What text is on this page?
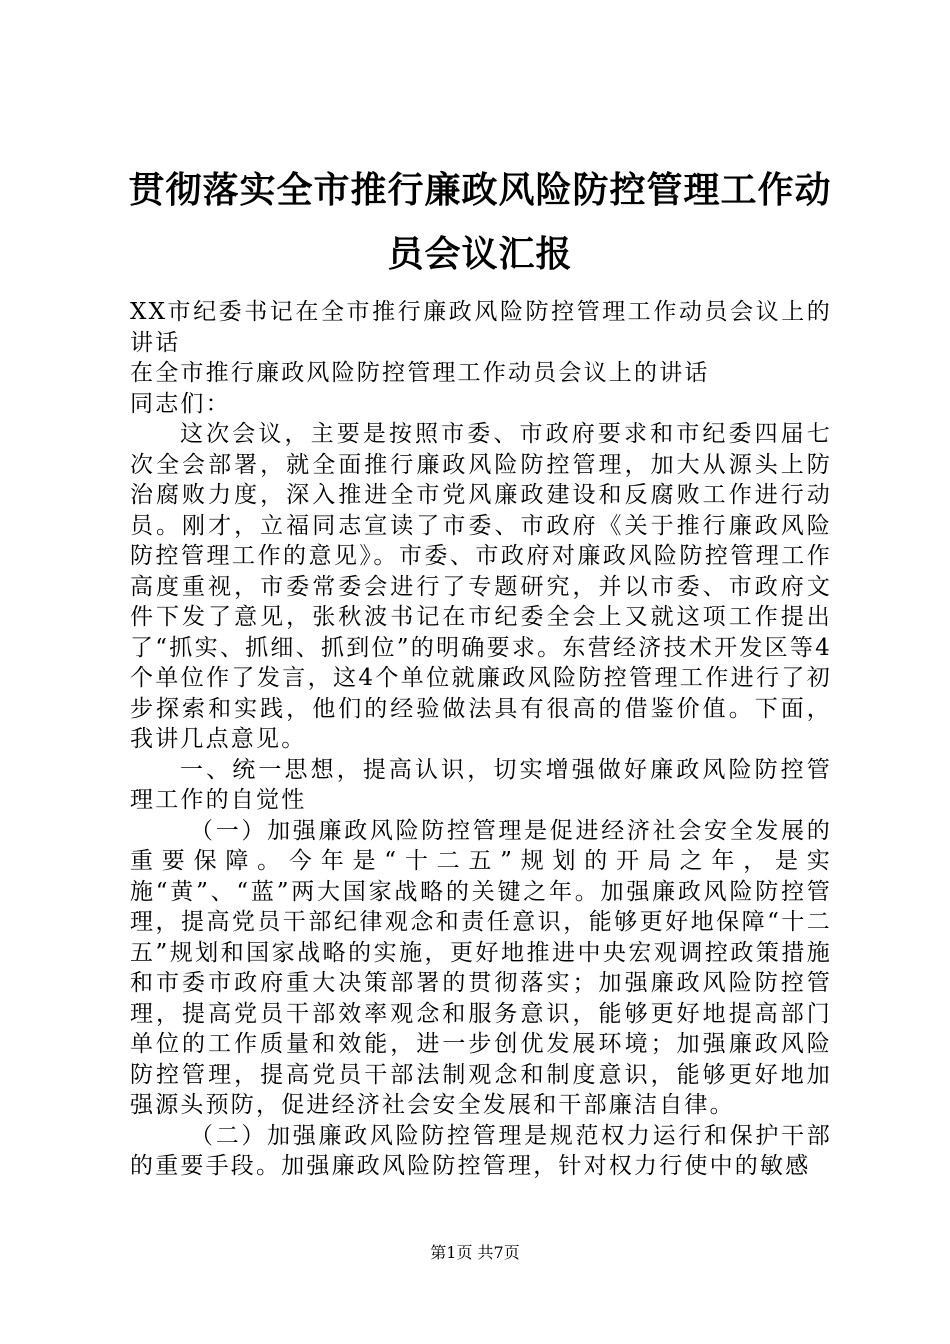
贯彻落实全市推行廉政风险防控管理工作动员会议汇报

XX市纪委书记在全市推行廉政风险防控管理工作动员会议上的讲话

在全市推行廉政风险防控管理工作动员会议上的讲话

同志们：

这次会议，主要是按照市委、市政府要求和市纪委四届七次全会部署，就全面推行廉政风险防控管理，加大从源头上防治腐败力度，深入推进全市党风廉政建设和反腐败工作进行动员。刚才，立福同志宣读了市委、市政府《关于推行廉政风险防控管理工作的意见》。市委、市政府对廉政风险防控管理工作高度重视，市委常委会进行了专题研究，并以市委、市政府文件下发了意见，张秋波书记在市纪委全会上又就这项工作提出了“抓实、抓细、抓到位”的明确要求。东营经济技术开发区等4个单位作了发言，这4个单位就廉政风险防控管理工作进行了初步探索和实践，他们的经验做法具有很高的借鉴价值。下面，我讲几点意见。

一、统一思想，提高认识，切实增强做好廉政风险防控管理工作的自觉性

（一）加强廉政风险防控管理是促进经济社会安全发展的重要保障。今年是“十二五”规划的开局之年，是实施“黄”、“蓝”两大国家战略的关键之年。加强廉政风险防控管理，提高党员干部纪律观念和责任意识，能够更好地保障“十二五”规划和国家战略的实施，更好地推进中央宏观调控政策措施和市委市政府重大决策部署的贯彻落实；加强廉政风险防控管理，提高党员干部效率观念和服务意识，能够更好地提高部门单位的工作质量和效能，进一步创优发展环境；加强廉政风险防控管理，提高党员干部法制观念和制度意识，能够更好地加强源头预防，促进经济社会安全发展和干部廉洁自律。

（二）加强廉政风险防控管理是规范权力运行和保护干部的重要手段。加强廉政风险防控管理，针对权力行使中的敏感

第1页 共7页
